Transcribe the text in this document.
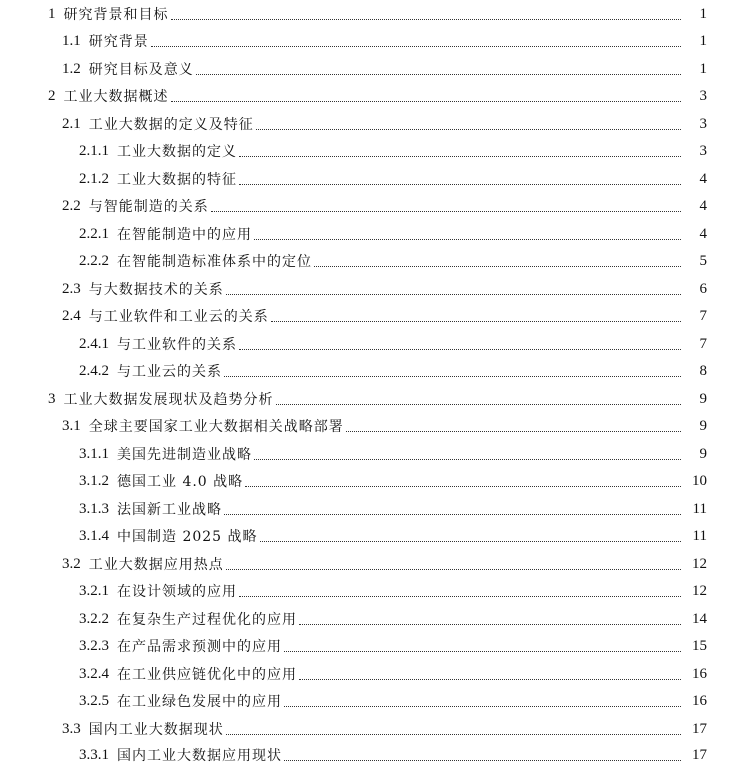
1 研究背景和目标	1
1.1 研究背景	1
1.2 研究目标及意义	1
2 工业大数据概述	3
2.1 工业大数据的定义及特征	3
2.1.1 工业大数据的定义	3
2.1.2 工业大数据的特征	4
2.2 与智能制造的关系	4
2.2.1 在智能制造中的应用	4
2.2.2 在智能制造标准体系中的定位	5
2.3 与大数据技术的关系	6
2.4 与工业软件和工业云的关系	7
2.4.1 与工业软件的关系	7
2.4.2 与工业云的关系	8
3 工业大数据发展现状及趋势分析	9
3.1 全球主要国家工业大数据相关战略部署	9
3.1.1 美国先进制造业战略	9
3.1.2 德国工业 4.0 战略	10
3.1.3 法国新工业战略	11
3.1.4 中国制造 2025 战略	11
3.2 工业大数据应用热点	12
3.2.1 在设计领域的应用	12
3.2.2 在复杂生产过程优化的应用	14
3.2.3 在产品需求预测中的应用	15
3.2.4 在工业供应链优化中的应用	16
3.2.5 在工业绿色发展中的应用	16
3.3 国内工业大数据现状	17
3.3.1 国内工业大数据应用现状	17
